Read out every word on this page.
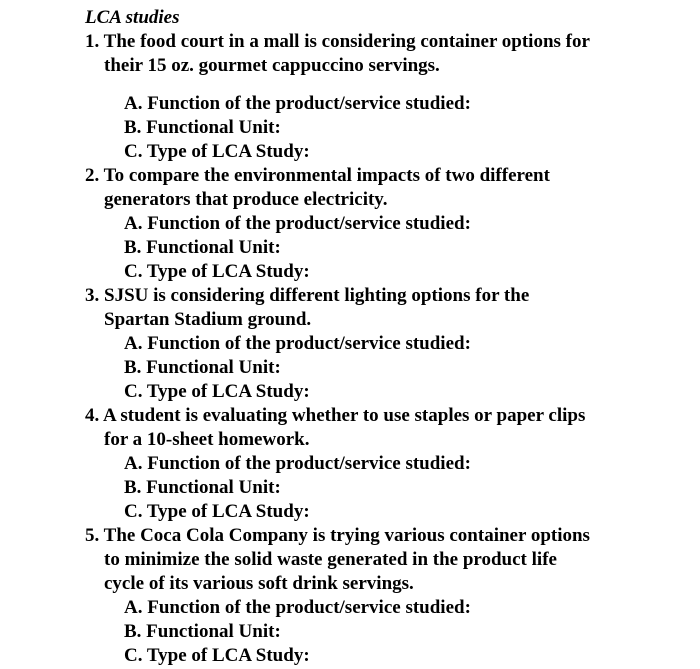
LCA studies
1. The food court in a mall is considering container options for
their 15 oz. gourmet cappuccino servings.
A. Function of the product/service studied:
B. Functional Unit:
C. Type of LCA Study:
2. To compare the environmental impacts of two different
generators that produce electricity.
A. Function of the product/service studied:
B. Functional Unit:
C. Type of LCA Study:
3. SJSU is considering different lighting options for the
Spartan Stadium ground.
A. Function of the product/service studied:
B. Functional Unit:
C. Type of LCA Study:
4. A student is evaluating whether to use staples or paper clips
for a 10-sheet homework.
A. Function of the product/service studied:
B. Functional Unit:
C. Type of LCA Study:
5. The Coca Cola Company is trying various container options
to minimize the solid waste generated in the product life
cycle of its various soft drink servings.
A. Function of the product/service studied:
B. Functional Unit:
C. Type of LCA Study:
